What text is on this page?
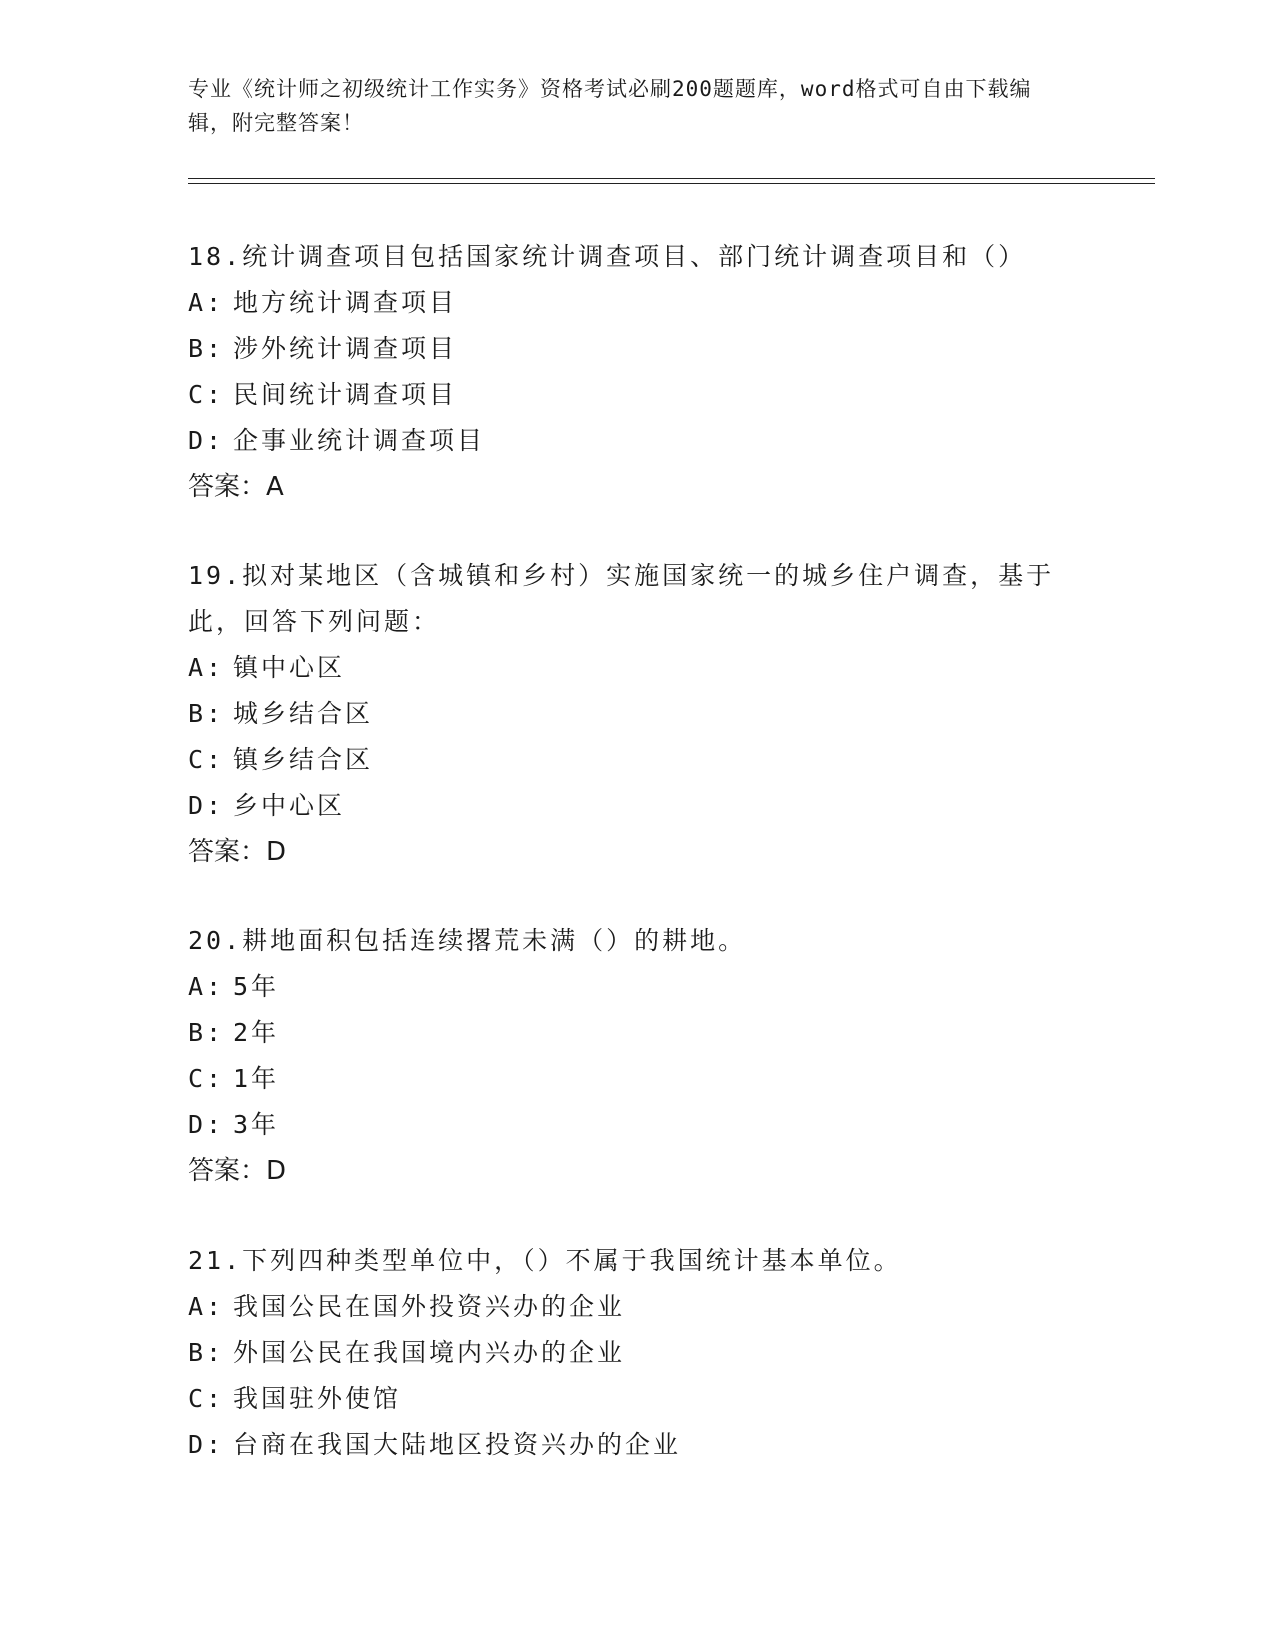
专业《统计师之初级统计工作实务》资格考试必刷200题题库，word格式可自由下载编辑，附完整答案！

18.统计调查项目包括国家统计调查项目、部门统计调查项目和（）

A: 地方统计调查项目

B: 涉外统计调查项目

C: 民间统计调查项目

D: 企事业统计调查项目

答案：A

19.拟对某地区（含城镇和乡村）实施国家统一的城乡住户调查，基于此，回答下列问题：

A: 镇中心区

B: 城乡结合区

C: 镇乡结合区

D: 乡中心区

答案：D

20.耕地面积包括连续撂荒未满（）的耕地。

A: 5年

B: 2年

C: 1年

D: 3年

答案：D

21.下列四种类型单位中，（）不属于我国统计基本单位。

A: 我国公民在国外投资兴办的企业

B: 外国公民在我国境内兴办的企业

C: 我国驻外使馆

D: 台商在我国大陆地区投资兴办的企业
